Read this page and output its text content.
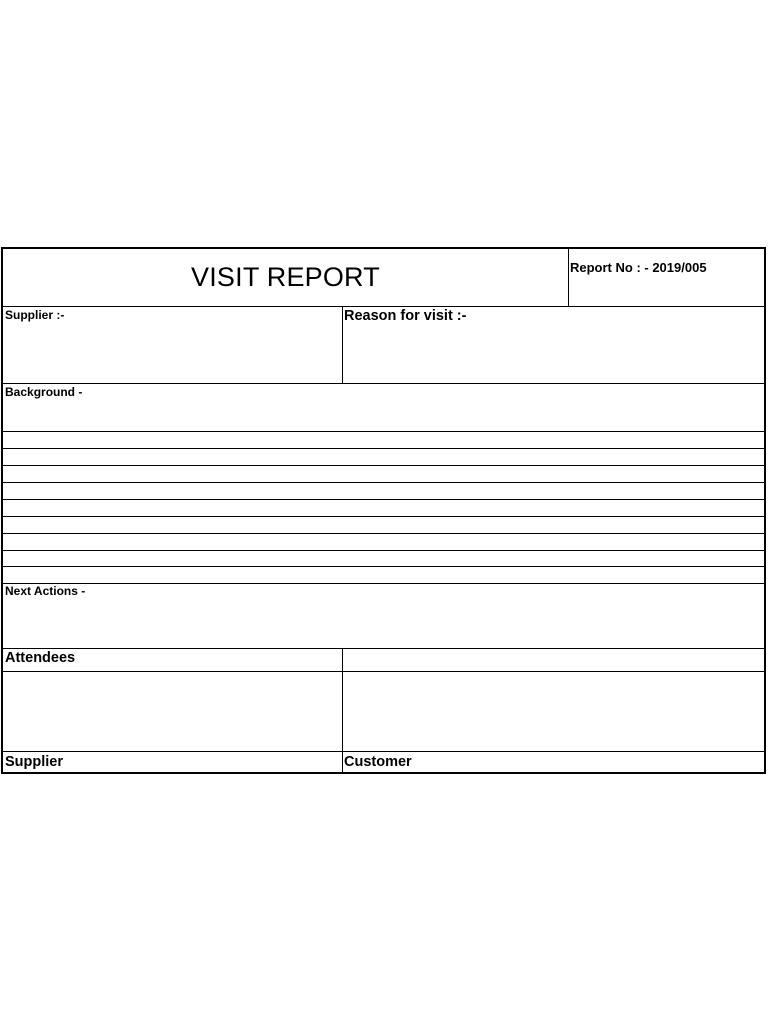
VISIT REPORT	Report No : - 2019/005
Supplier :-	Reason for visit :-
Background -
Next Actions -
Attendees
Supplier	Customer
